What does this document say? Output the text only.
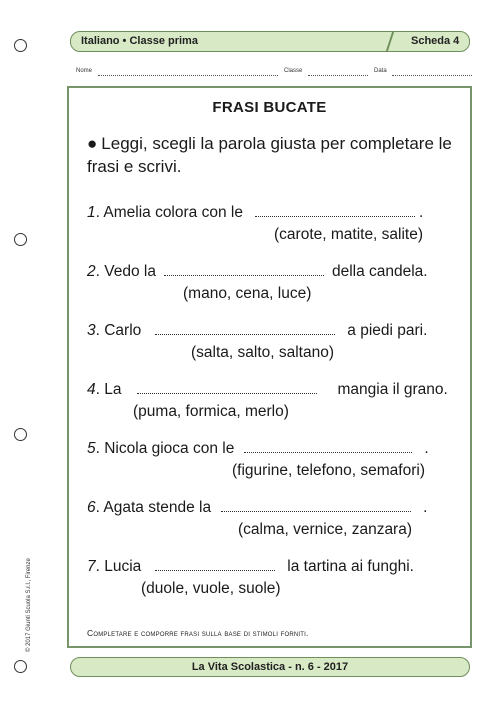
Italiano • Classe prima	Scheda 4
Nome	Classe	Data
FRASI BUCATE
● Leggi, scegli la parola giusta per completare le frasi e scrivi.
1. Amelia colora con le	.
(carote, matite, salite)
2. Vedo la	della candela.
(mano, cena, luce)
3. Carlo	a piedi pari.
(salta, salto, saltano)
4. La	mangia il grano.
(puma, formica, merlo)
5. Nicola gioca con le	.
(figurine, telefono, semafori)
6. Agata stende la	.
(calma, vernice, zanzara)
7. Lucia	la tartina ai funghi.
(duole, vuole, suole)
Completare e comporre frasi sulla base di stimoli forniti.
© 2017 Giunti Scuola S.r.l., Firenze
La Vita Scolastica - n. 6 - 2017
